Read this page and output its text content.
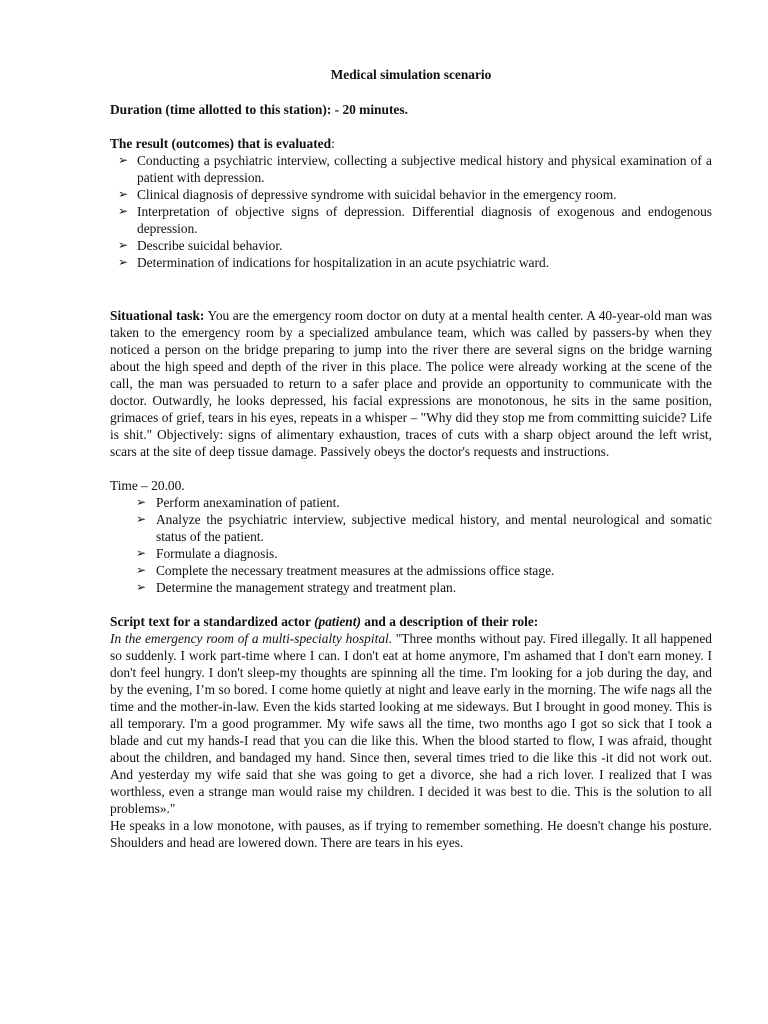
Medical simulation scenario

Duration (time allotted to this station): - 20 minutes.

The result (outcomes) that is evaluated:

➢ Conducting a psychiatric interview, collecting a subjective medical history and physical examination of a patient with depression.
➢ Clinical diagnosis of depressive syndrome with suicidal behavior in the emergency room.
➢ Interpretation of objective signs of depression. Differential diagnosis of exogenous and endogenous depression.
➢ Describe suicidal behavior.
➢ Determination of indications for hospitalization in an acute psychiatric ward.

Situational task: You are the emergency room doctor on duty at a mental health center. A 40-year-old man was taken to the emergency room by a specialized ambulance team, which was called by passers-by when they noticed a person on the bridge preparing to jump into the river there are several signs on the bridge warning about the high speed and depth of the river in this place. The police were already working at the scene of the call, the man was persuaded to return to a safer place and provide an opportunity to communicate with the doctor. Outwardly, he looks depressed, his facial expressions are monotonous, he sits in the same position, grimaces of grief, tears in his eyes, repeats in a whisper – "Why did they stop me from committing suicide? Life is shit." Objectively: signs of alimentary exhaustion, traces of cuts with a sharp object around the left wrist, scars at the site of deep tissue damage. Passively obeys the doctor's requests and instructions.

Time – 20.00.

➢ Perform anexamination of patient.
➢ Analyze the psychiatric interview, subjective medical history, and mental neurological and somatic status of the patient.
➢ Formulate a diagnosis.
➢ Complete the necessary treatment measures at the admissions office stage.
➢ Determine the management strategy and treatment plan.

Script text for a standardized actor (patient) and a description of their role:

In the emergency room of a multi-specialty hospital. "Three months without pay. Fired illegally. It all happened so suddenly. I work part-time where I can. I don't eat at home anymore, I'm ashamed that I don't earn money. I don't feel hungry. I don't sleep-my thoughts are spinning all the time. I'm looking for a job during the day, and by the evening, I’m so bored. I come home quietly at night and leave early in the morning. The wife nags all the time and the mother-in-law. Even the kids started looking at me sideways. But I brought in good money. This is all temporary. I'm a good programmer. My wife saws all the time, two months ago I got so sick that I took a blade and cut my hands-I read that you can die like this. When the blood started to flow, I was afraid, thought about the children, and bandaged my hand. Since then, several times tried to die like this -it did not work out. And yesterday my wife said that she was going to get a divorce, she had a rich lover. I realized that I was worthless, even a strange man would raise my children. I decided it was best to die. This is the solution to all problems»."

He speaks in a low monotone, with pauses, as if trying to remember something. He doesn't change his posture. Shoulders and head are lowered down. There are tears in his eyes.
